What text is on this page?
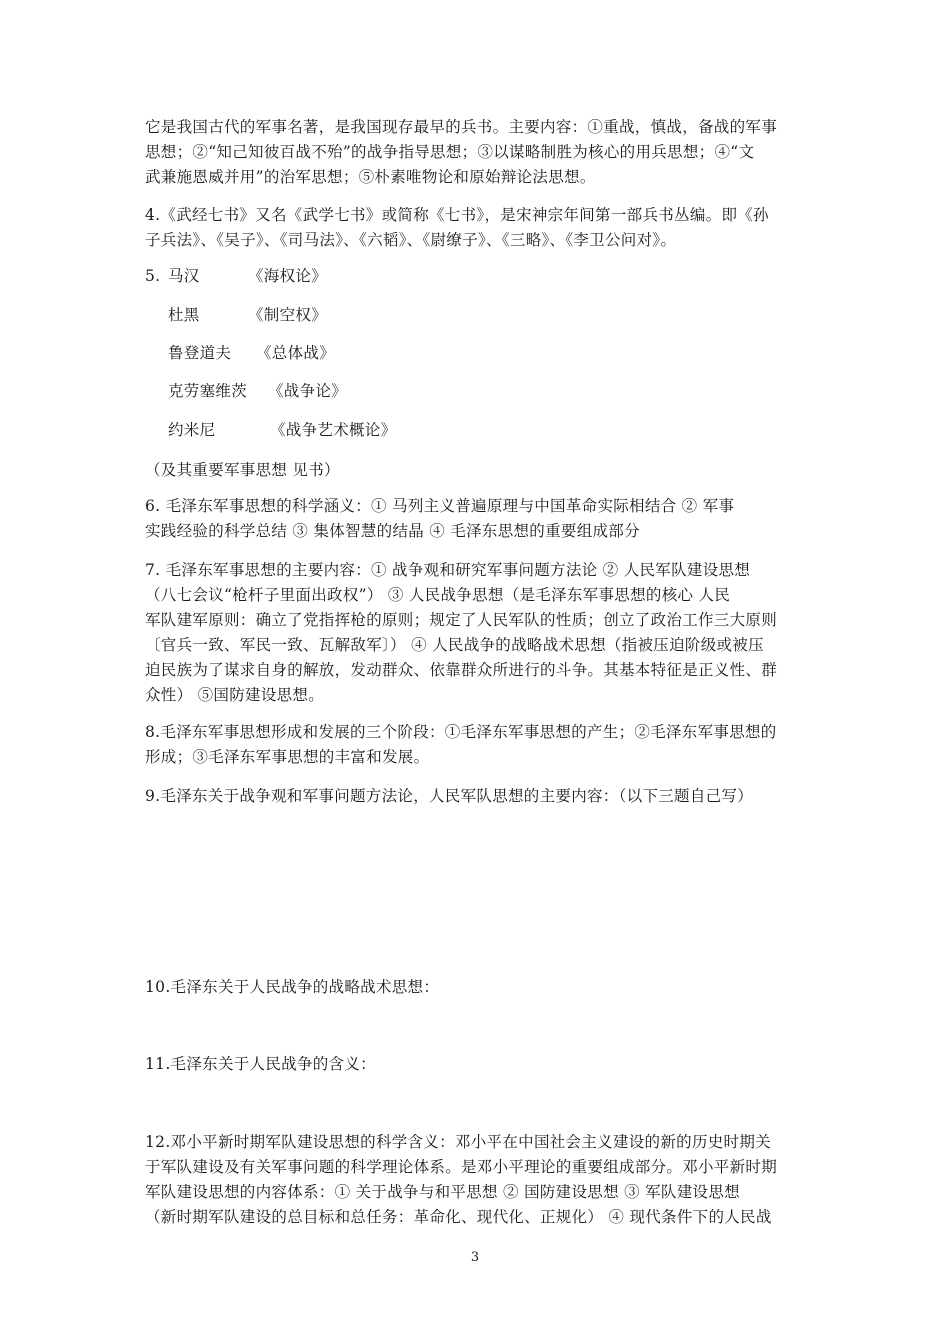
它是我国古代的军事名著，是我国现存最早的兵书。主要内容：①重战，慎战，备战的军事
思想；②“知己知彼百战不殆”的战争指导思想；③以谋略制胜为核心的用兵思想；④“文
武兼施恩威并用”的治军思想；⑤朴素唯物论和原始辩论法思想。
4.《武经七书》又名《武学七书》或简称《七书》，是宋神宗年间第一部兵书丛编。即《孙
子兵法》、《吴子》、《司马法》、《六韬》、《尉缭子》、《三略》、《李卫公问对》。
5. 马汉	《海权论》
杜黑	《制空权》
鲁登道夫 《总体战》
克劳塞维茨 《战争论》
约米尼	《战争艺术概论》
（及其重要军事思想 见书）
6. 毛泽东军事思想的科学涵义：① 马列主义普遍原理与中国革命实际相结合 ② 军事
实践经验的科学总结 ③ 集体智慧的结晶 ④ 毛泽东思想的重要组成部分
7. 毛泽东军事思想的主要内容：① 战争观和研究军事问题方法论 ② 人民军队建设思想
（八七会议“枪杆子里面出政权”） ③ 人民战争思想（是毛泽东军事思想的核心 人民
军队建军原则：确立了党指挥枪的原则；规定了人民军队的性质；创立了政治工作三大原则
〔官兵一致、军民一致、瓦解敌军〕） ④ 人民战争的战略战术思想（指被压迫阶级或被压
迫民族为了谋求自身的解放，发动群众、依靠群众所进行的斗争。其基本特征是正义性、群
众性） ⑤国防建设思想。
8.毛泽东军事思想形成和发展的三个阶段：①毛泽东军事思想的产生；②毛泽东军事思想的
形成；③毛泽东军事思想的丰富和发展。
9.毛泽东关于战争观和军事问题方法论，人民军队思想的主要内容：（以下三题自己写）
10.毛泽东关于人民战争的战略战术思想：
11.毛泽东关于人民战争的含义：
12.邓小平新时期军队建设思想的科学含义：邓小平在中国社会主义建设的新的历史时期关
于军队建设及有关军事问题的科学理论体系。是邓小平理论的重要组成部分。邓小平新时期
军队建设思想的内容体系：① 关于战争与和平思想 ② 国防建设思想 ③ 军队建设思想
（新时期军队建设的总目标和总任务：革命化、现代化、正规化） ④ 现代条件下的人民战
3
